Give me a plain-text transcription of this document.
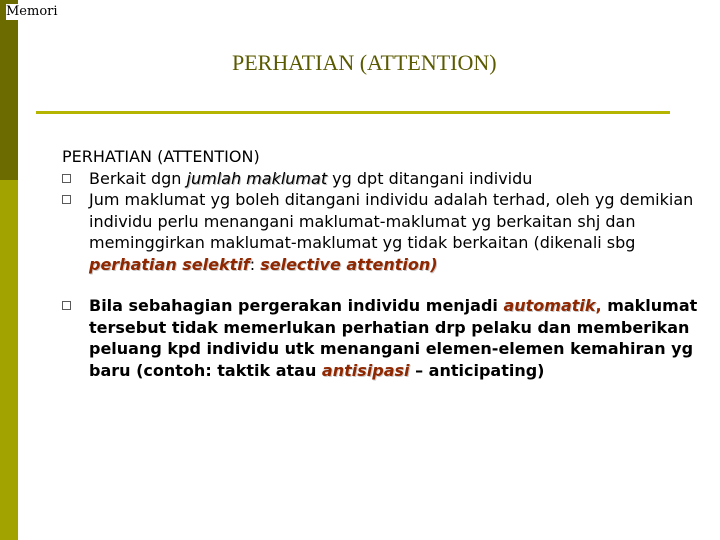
Memori
PERHATIAN (ATTENTION)

PERHATIAN (ATTENTION)

Berkait dgn jumlah maklumat yg dpt ditangani individu
Jum maklumat yg boleh ditangani individu adalah terhad, oleh yg demikian individu perlu menangani maklumat-maklumat yg berkaitan shj dan meminggirkan maklumat-maklumat yg tidak berkaitan (dikenali sbg perhatian selektif: selective attention)
Bila sebahagian pergerakan individu menjadi automatik, maklumat tersebut tidak memerlukan perhatian drp pelaku dan memberikan peluang kpd individu utk menangani elemen-elemen kemahiran yg baru (contoh: taktik atau antisipasi – anticipating)
